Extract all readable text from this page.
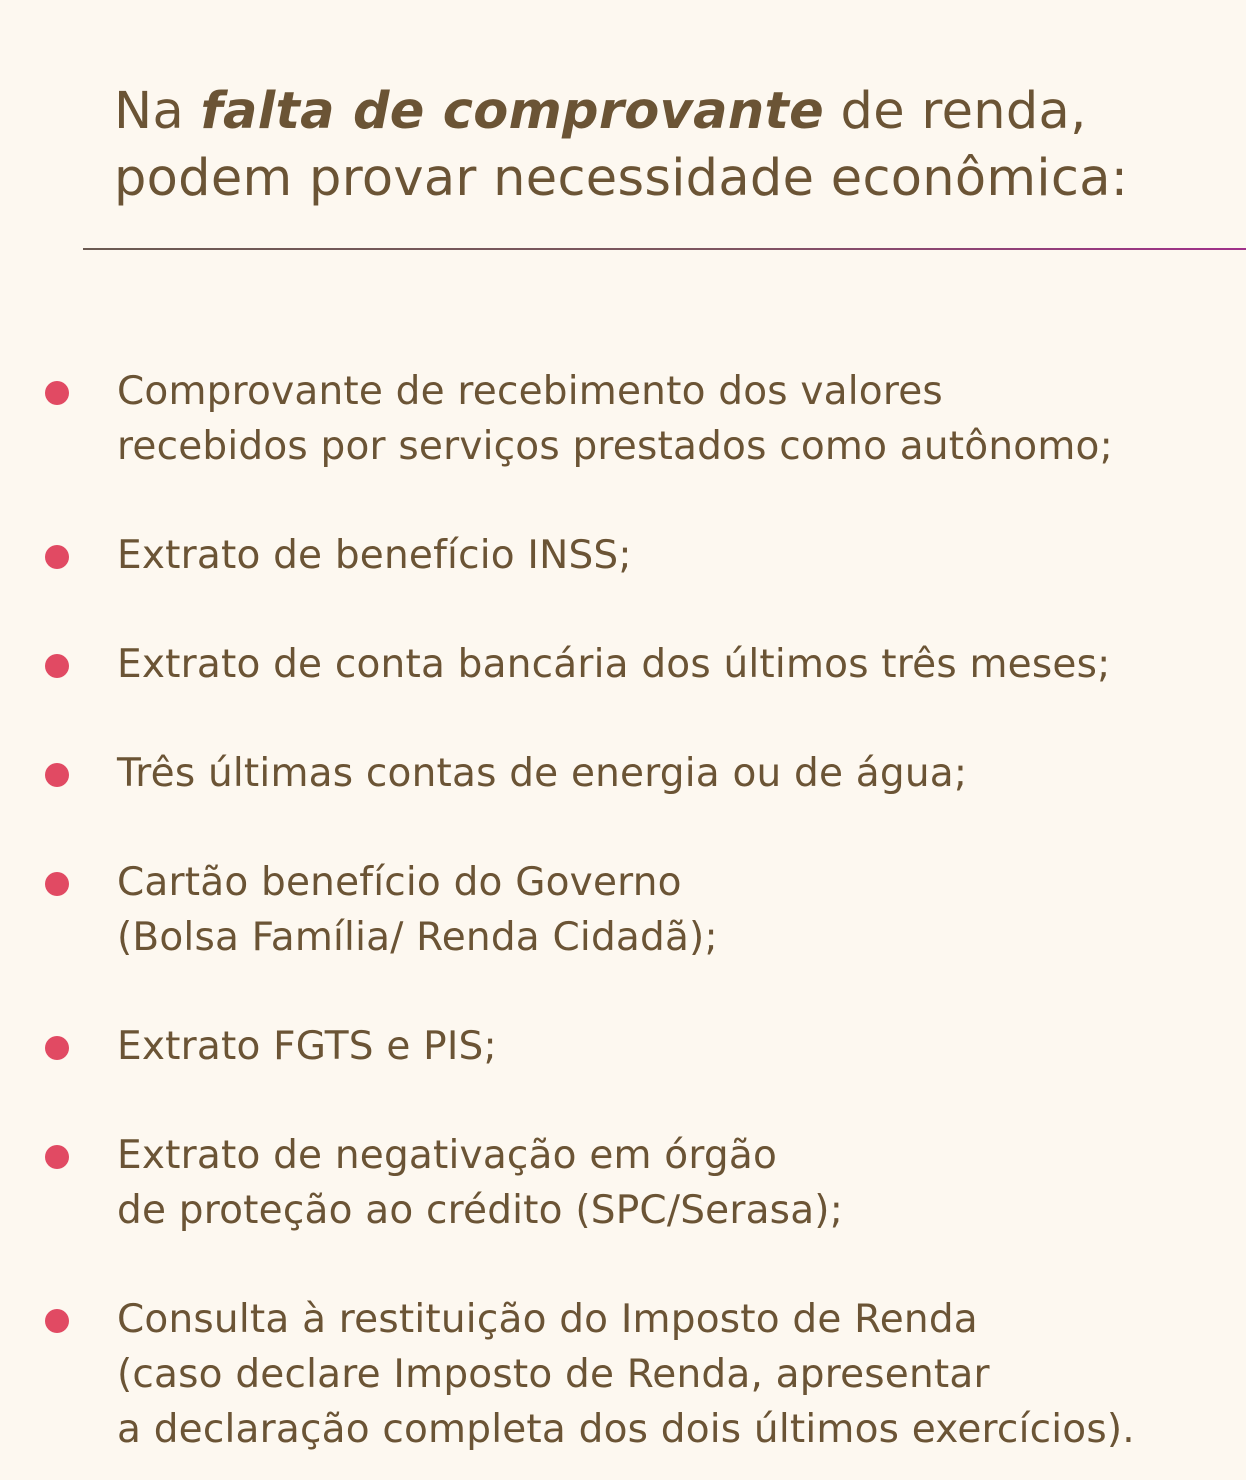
Na falta de comprovante de renda,
podem provar necessidade econômica:
Comprovante de recebimento dos valores
recebidos por serviços prestados como autônomo;
Extrato de benefício INSS;
Extrato de conta bancária dos últimos três meses;
Três últimas contas de energia ou de água;
Cartão benefício do Governo
(Bolsa Família/ Renda Cidadã);
Extrato FGTS e PIS;
Extrato de negativação em órgão
de proteção ao crédito (SPC/Serasa);
Consulta à restituição do Imposto de Renda
(caso declare Imposto de Renda, apresentar
a declaração completa dos dois últimos exercícios).
